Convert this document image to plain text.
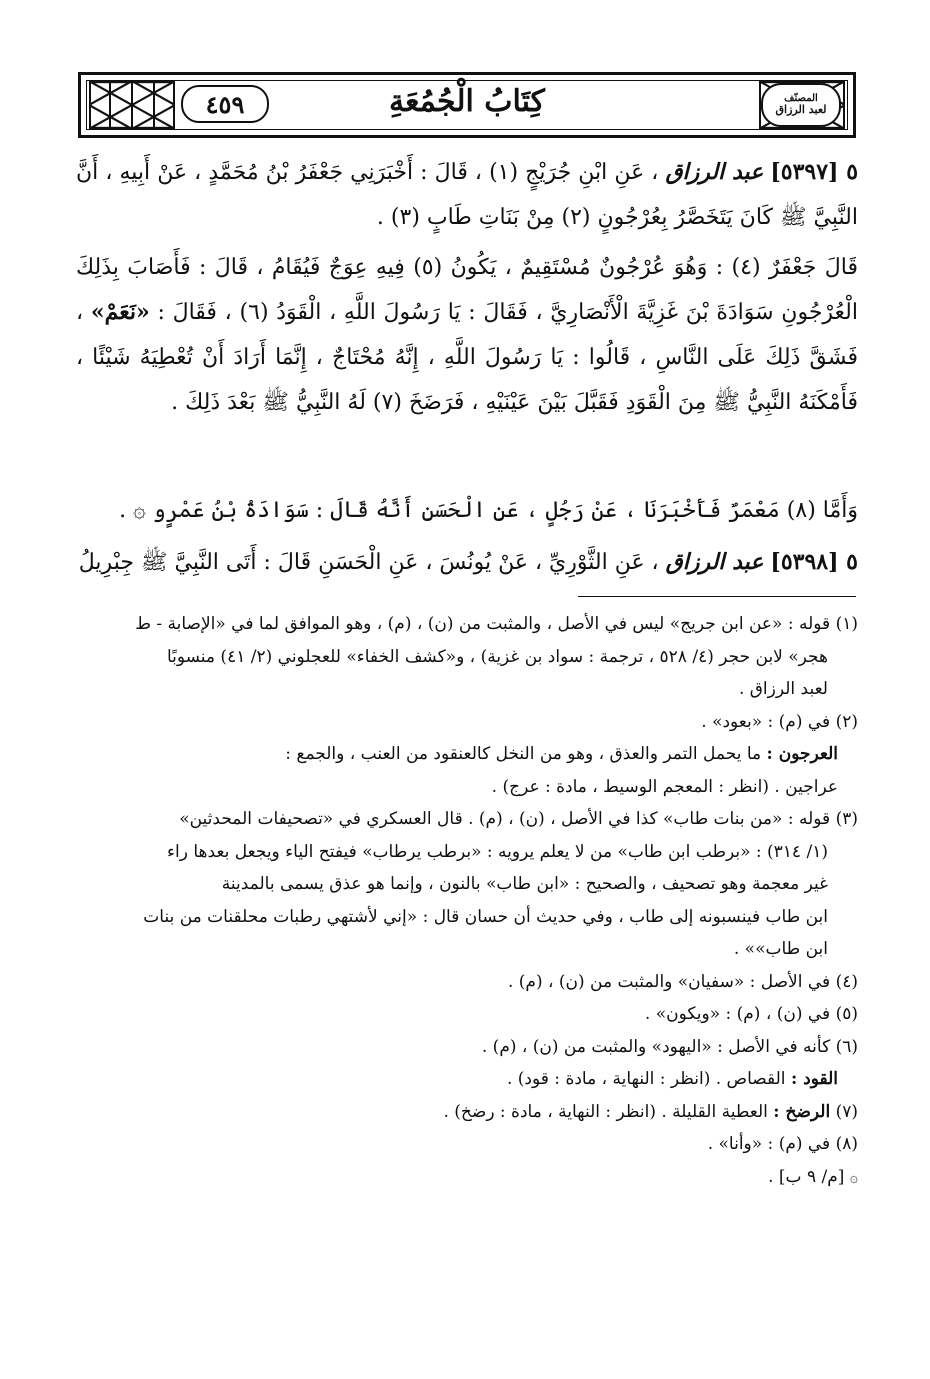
٤٥٩	كِتَابُ الْجُمُعَةِ	المصنّف
لعبد الرزاق

٥ [٥٣٩٧] عبد الرزاق ، عَنِ ابْنِ جُرَيْجٍ (١) ، قَالَ : أَخْبَرَنِي جَعْفَرُ بْنُ مُحَمَّدٍ ، عَنْ أَبِيهِ ، أَنَّ النَّبِيَّ ﷺ كَانَ يَتَخَصَّرُ بِعُرْجُونٍ (٢) مِنْ بَنَاتِ طَابٍ (٣) .

قَالَ جَعْفَرٌ (٤) : وَهُوَ عُرْجُونٌ مُسْتَقِيمٌ ، يَكُونُ (٥) فِيهِ عِوَجٌ فَيُقَامُ ، قَالَ : فَأَصَابَ بِذَلِكَ الْعُرْجُونِ سَوَادَةَ بْنَ غَزِيَّةَ الْأَنْصَارِيَّ ، فَقَالَ : يَا رَسُولَ اللَّهِ ، الْقَوَدُ (٦) ، فَقَالَ : «نَعَمْ» ، فَشَقَّ ذَلِكَ عَلَى النَّاسِ ، قَالُوا : يَا رَسُولَ اللَّهِ ، إِنَّهُ مُحْتَاجٌ ، إِنَّمَا أَرَادَ أَنْ تُعْطِيَهُ شَيْئًا ، فَأَمْكَنَهُ النَّبِيُّ ﷺ مِنَ الْقَوَدِ فَقَبَّلَ بَيْنَ عَيْنَيْهِ ، فَرَضَخَ (٧) لَهُ النَّبِيُّ ﷺ بَعْدَ ذَلِكَ .

وَأَمَّا (٨) مَعْمَرٌ فَأَخْبَرَنَا ، عَنْ رَجُلٍ ، عَنِ الْحَسَنِ أَنَّهُ قَالَ : سَوَادَةُ بْنُ عَمْرٍو ۞ .

٥ [٥٣٩٨] عبد الرزاق ، عَنِ الثَّوْرِيِّ ، عَنْ يُونُسَ ، عَنِ الْحَسَنِ قَالَ : أَتَى النَّبِيَّ ﷺ جِبْرِيلُ

(١) قوله : «عن ابن جريج» ليس في الأصل ، والمثبت من (ن) ، (م) ، وهو الموافق لما في «الإصابة - ط

هجر» لابن حجر (٤/ ٥٢٨ ، ترجمة : سواد بن غزية) ، و«كشف الخفاء» للعجلوني (٢/ ٤١) منسوبًا

لعبد الرزاق .

(٢) في (م) : «بعود» .

العرجون : ما يحمل التمر والعذق ، وهو من النخل كالعنقود من العنب ، والجمع :

عراجين . (انظر : المعجم الوسيط ، مادة : عرج) .

(٣) قوله : «من بنات طاب» كذا في الأصل ، (ن) ، (م) . قال العسكري في «تصحيفات المحدثين»

(١/ ٣١٤) : «برطب ابن طاب» من لا يعلم يرويه : «برطب يرطاب» فيفتح الياء ويجعل بعدها راء

غير معجمة وهو تصحيف ، والصحيح : «ابن طاب» بالنون ، وإنما هو عذق يسمى بالمدينة

ابن طاب فينسبونه إلى طاب ، وفي حديث أن حسان قال : «إني لأشتهي رطبات محلقنات من بنات

ابن طاب»» .

(٤) في الأصل : «سفيان» والمثبت من (ن) ، (م) .

(٥) في (ن) ، (م) : «ويكون» .

(٦) كأنه في الأصل : «اليهود» والمثبت من (ن) ، (م) .

القود : القصاص . (انظر : النهاية ، مادة : قود) .

(٧) الرضخ : العطية القليلة . (انظر : النهاية ، مادة : رضخ) .

(٨) في (م) : «وأنا» .

۞ [م/ ٩ ب] .
